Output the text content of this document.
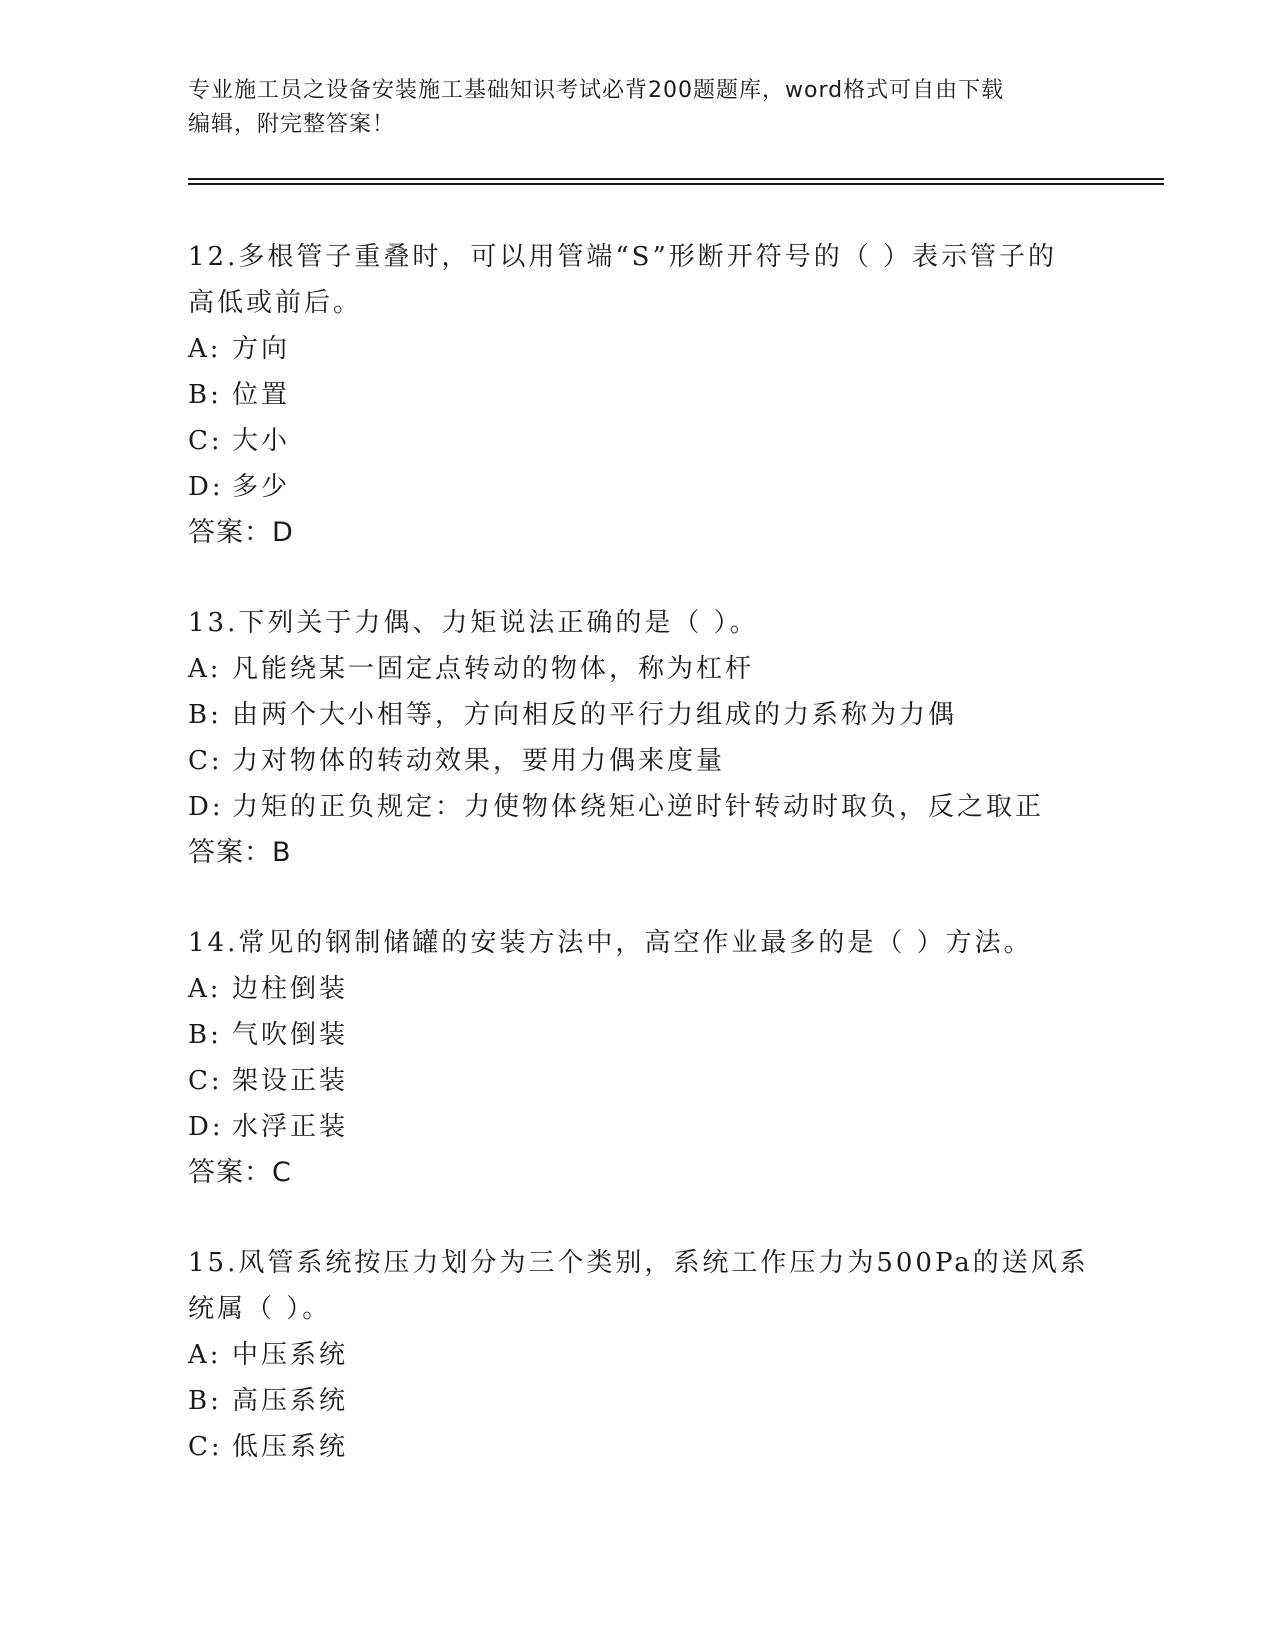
专业施工员之设备安装施工基础知识考试必背200题题库，word格式可自由下载
编辑，附完整答案！
12.多根管子重叠时，可以用管端“S”形断开符号的（ ）表示管子的
高低或前后。
A: 方向
B: 位置
C: 大小
D: 多少
答案：D
13.下列关于力偶、力矩说法正确的是（ ）。
A: 凡能绕某一固定点转动的物体，称为杠杆
B: 由两个大小相等，方向相反的平行力组成的力系称为力偶
C: 力对物体的转动效果，要用力偶来度量
D: 力矩的正负规定：力使物体绕矩心逆时针转动时取负，反之取正
答案：B
14.常见的钢制储罐的安装方法中，高空作业最多的是（ ）方法。
A: 边柱倒装
B: 气吹倒装
C: 架设正装
D: 水浮正装
答案：C
15.风管系统按压力划分为三个类别，系统工作压力为500Pa的送风系
统属（ ）。
A: 中压系统
B: 高压系统
C: 低压系统
